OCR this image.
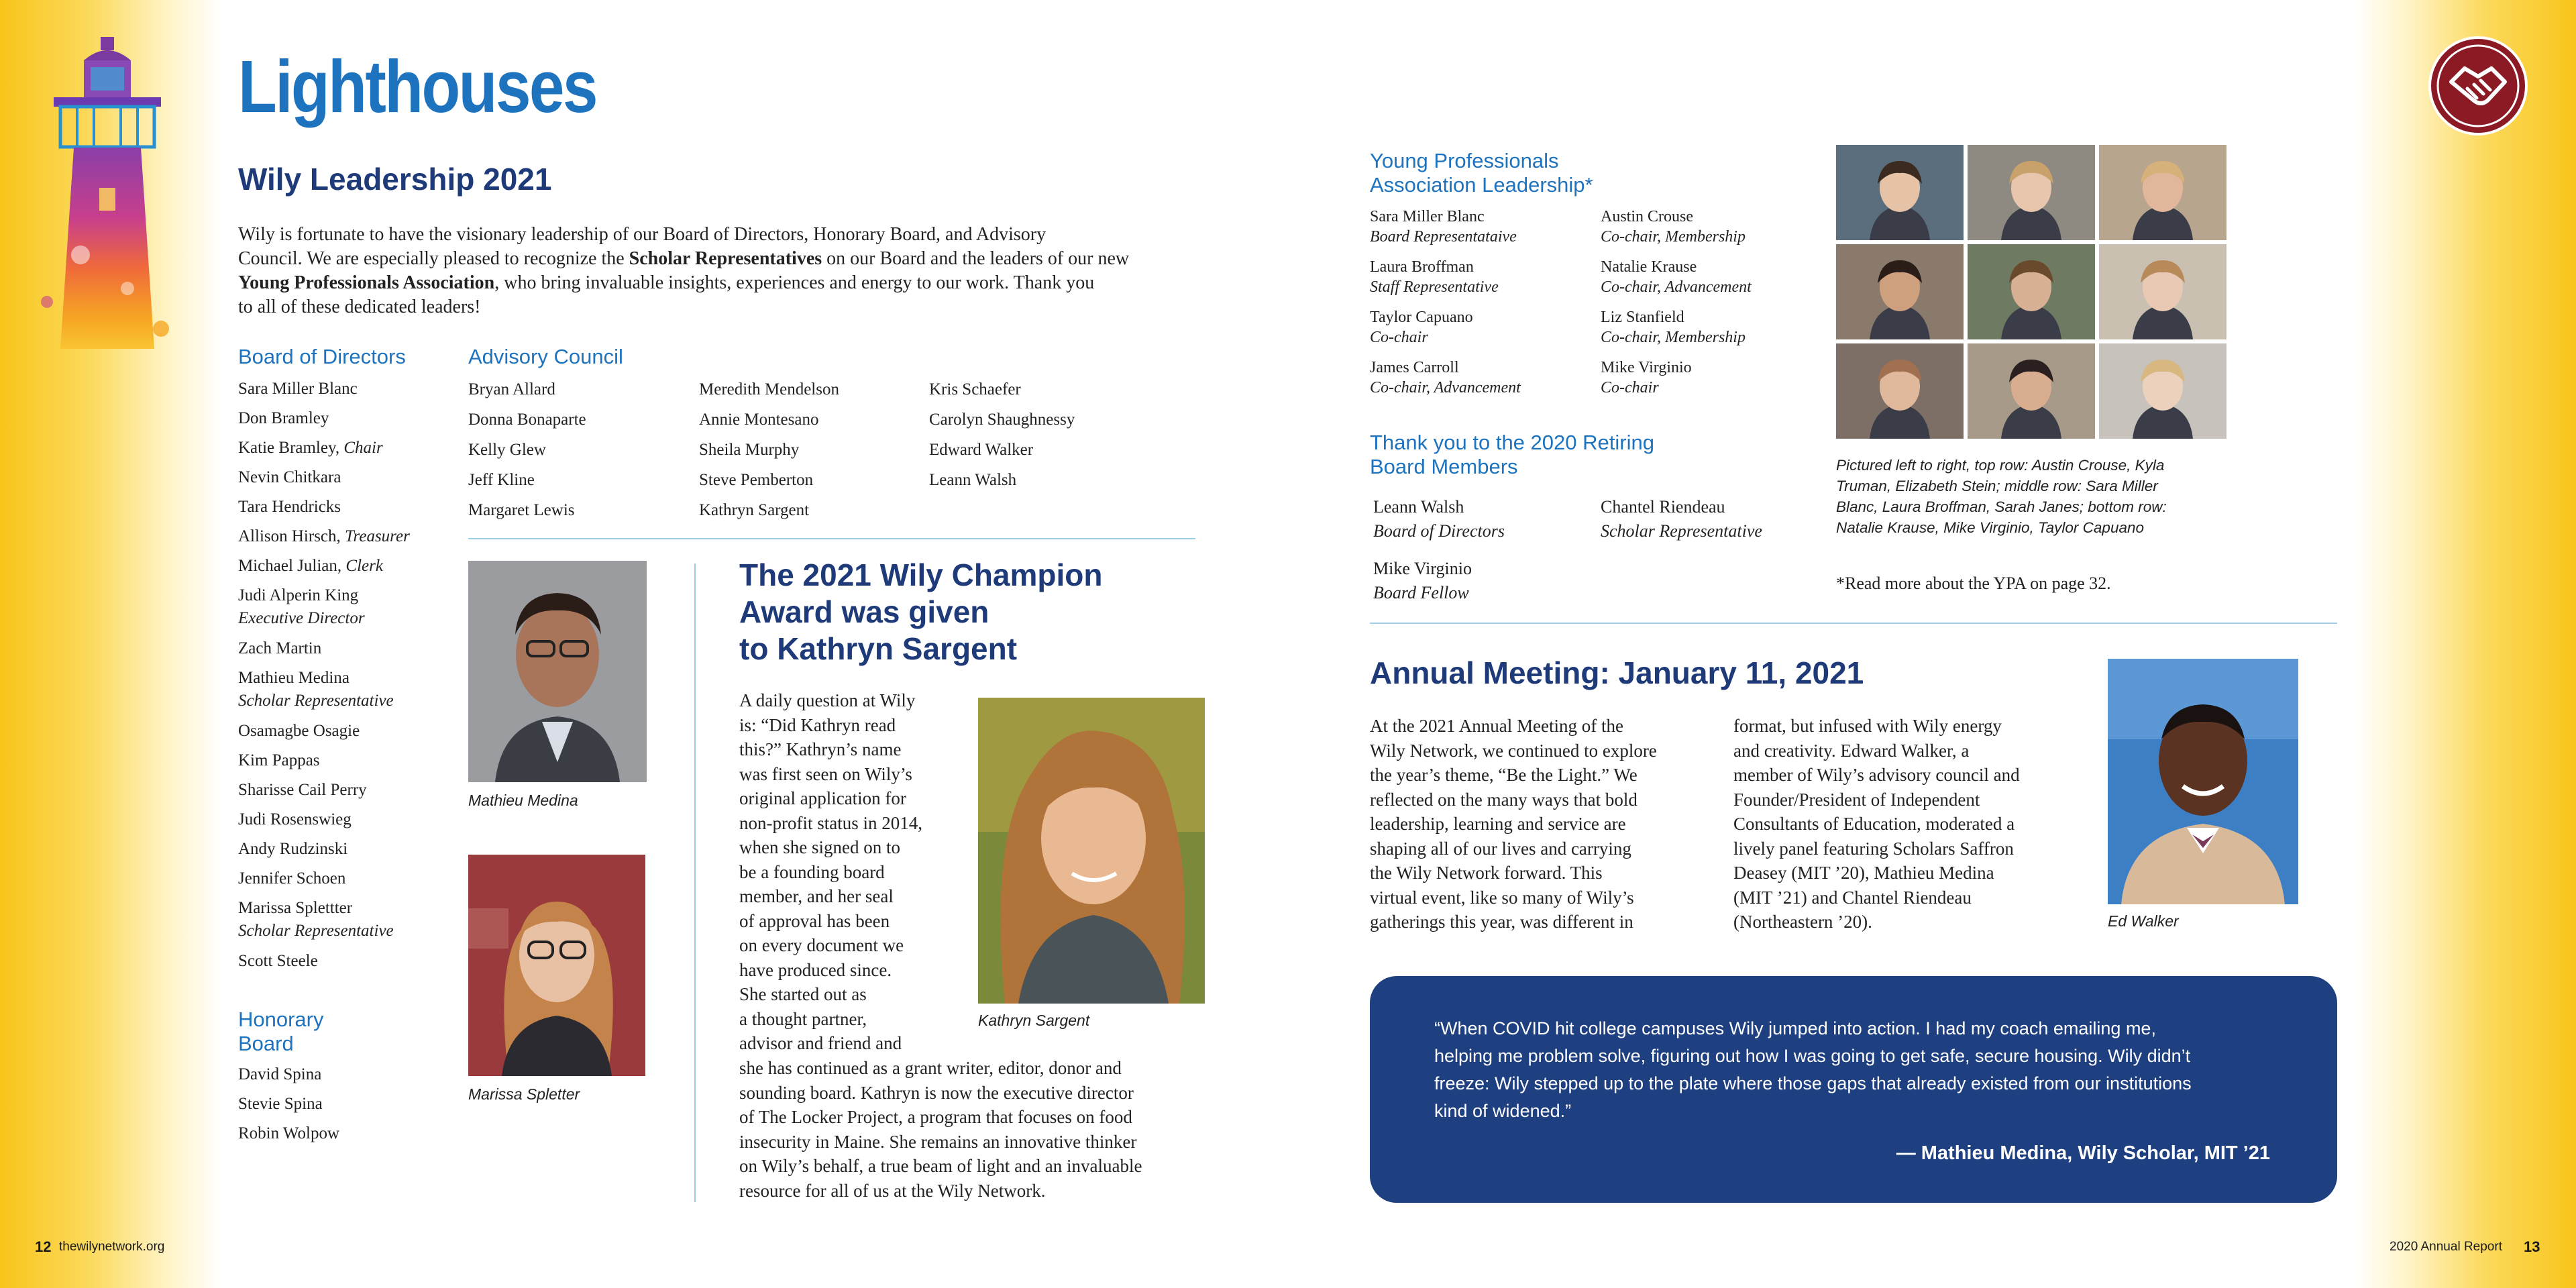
Lighthouses
Wily Leadership 2021
Wily is fortunate to have the visionary leadership of our Board of Directors, Honorary Board, and Advisory
Council. We are especially pleased to recognize the Scholar Representatives on our Board and the leaders of our new
Young Professionals Association, who bring invaluable insights, experiences and energy to our work. Thank you
to all of these dedicated leaders!
Board of Directors
Sara Miller Blanc
Don Bramley
Katie Bramley, Chair
Nevin Chitkara
Tara Hendricks
Allison Hirsch, Treasurer
Michael Julian, Clerk
Judi Alperin King
Executive Director
Zach Martin
Mathieu Medina
Scholar Representative
Osamagbe Osagie
Kim Pappas
Sharisse Cail Perry
Judi Rosenswieg
Andy Rudzinski
Jennifer Schoen
Marissa Splettter
Scholar Representative
Scott Steele
Honorary
Board
David Spina
Stevie Spina
Robin Wolpow
Advisory Council
Bryan Allard
Donna Bonaparte
Kelly Glew
Jeff Kline
Margaret Lewis
Meredith Mendelson
Annie Montesano
Sheila Murphy
Steve Pemberton
Kathryn Sargent
Kris Schaefer
Carolyn Shaughnessy
Edward Walker
Leann Walsh
Mathieu Medina
Marissa Spletter
The 2021 Wily Champion
Award was given
to Kathryn Sargent
A daily question at Wily
is: “Did Kathryn read
this?” Kathryn’s name
was first seen on Wily’s
original application for
non-profit status in 2014,
when she signed on to
be a founding board
member, and her seal
of approval has been
on every document we
have produced since.
She started out as
a thought partner,
advisor and friend and
she has continued as a grant writer, editor, donor and
sounding board. Kathryn is now the executive director
of The Locker Project, a program that focuses on food
insecurity in Maine. She remains an innovative thinker
on Wily’s behalf, a true beam of light and an invaluable
resource for all of us at the Wily Network.
Kathryn Sargent
12 thewilynetwork.org
Young Professionals
Association Leadership*
Sara Miller Blanc
Board Representataive
Laura Broffman
Staff Representative
Taylor Capuano
Co-chair
James Carroll
Co-chair, Advancement
Austin Crouse
Co-chair, Membership
Natalie Krause
Co-chair, Advancement
Liz Stanfield
Co-chair, Membership
Mike Virginio
Co-chair
Thank you to the 2020 Retiring
Board Members
Leann Walsh
Board of Directors
Mike Virginio
Board Fellow
Chantel Riendeau
Scholar Representative
Pictured left to right, top row: Austin Crouse, Kyla
Truman, Elizabeth Stein; middle row: Sara Miller
Blanc, Laura Broffman, Sarah Janes; bottom row:
Natalie Krause, Mike Virginio, Taylor Capuano
*Read more about the YPA on page 32.
Annual Meeting: January 11, 2021
At the 2021 Annual Meeting of the
Wily Network, we continued to explore
the year’s theme, “Be the Light.” We
reflected on the many ways that bold
leadership, learning and service are
shaping all of our lives and carrying
the Wily Network forward. This
virtual event, like so many of Wily’s
gatherings this year, was different in
format, but infused with Wily energy
and creativity. Edward Walker, a
member of Wily’s advisory council and
Founder/President of Independent
Consultants of Education, moderated a
lively panel featuring Scholars Saffron
Deasey (MIT ’20), Mathieu Medina
(MIT ’21) and Chantel Riendeau
(Northeastern ’20).	Ed Walker
“When COVID hit college campuses Wily jumped into action. I had my coach emailing me,
helping me problem solve, figuring out how I was going to get safe, secure housing. Wily didn’t
freeze: Wily stepped up to the plate where those gaps that already existed from our institutions
kind of widened.”
— Mathieu Medina, Wily Scholar, MIT ’21
2020 Annual Report 13
